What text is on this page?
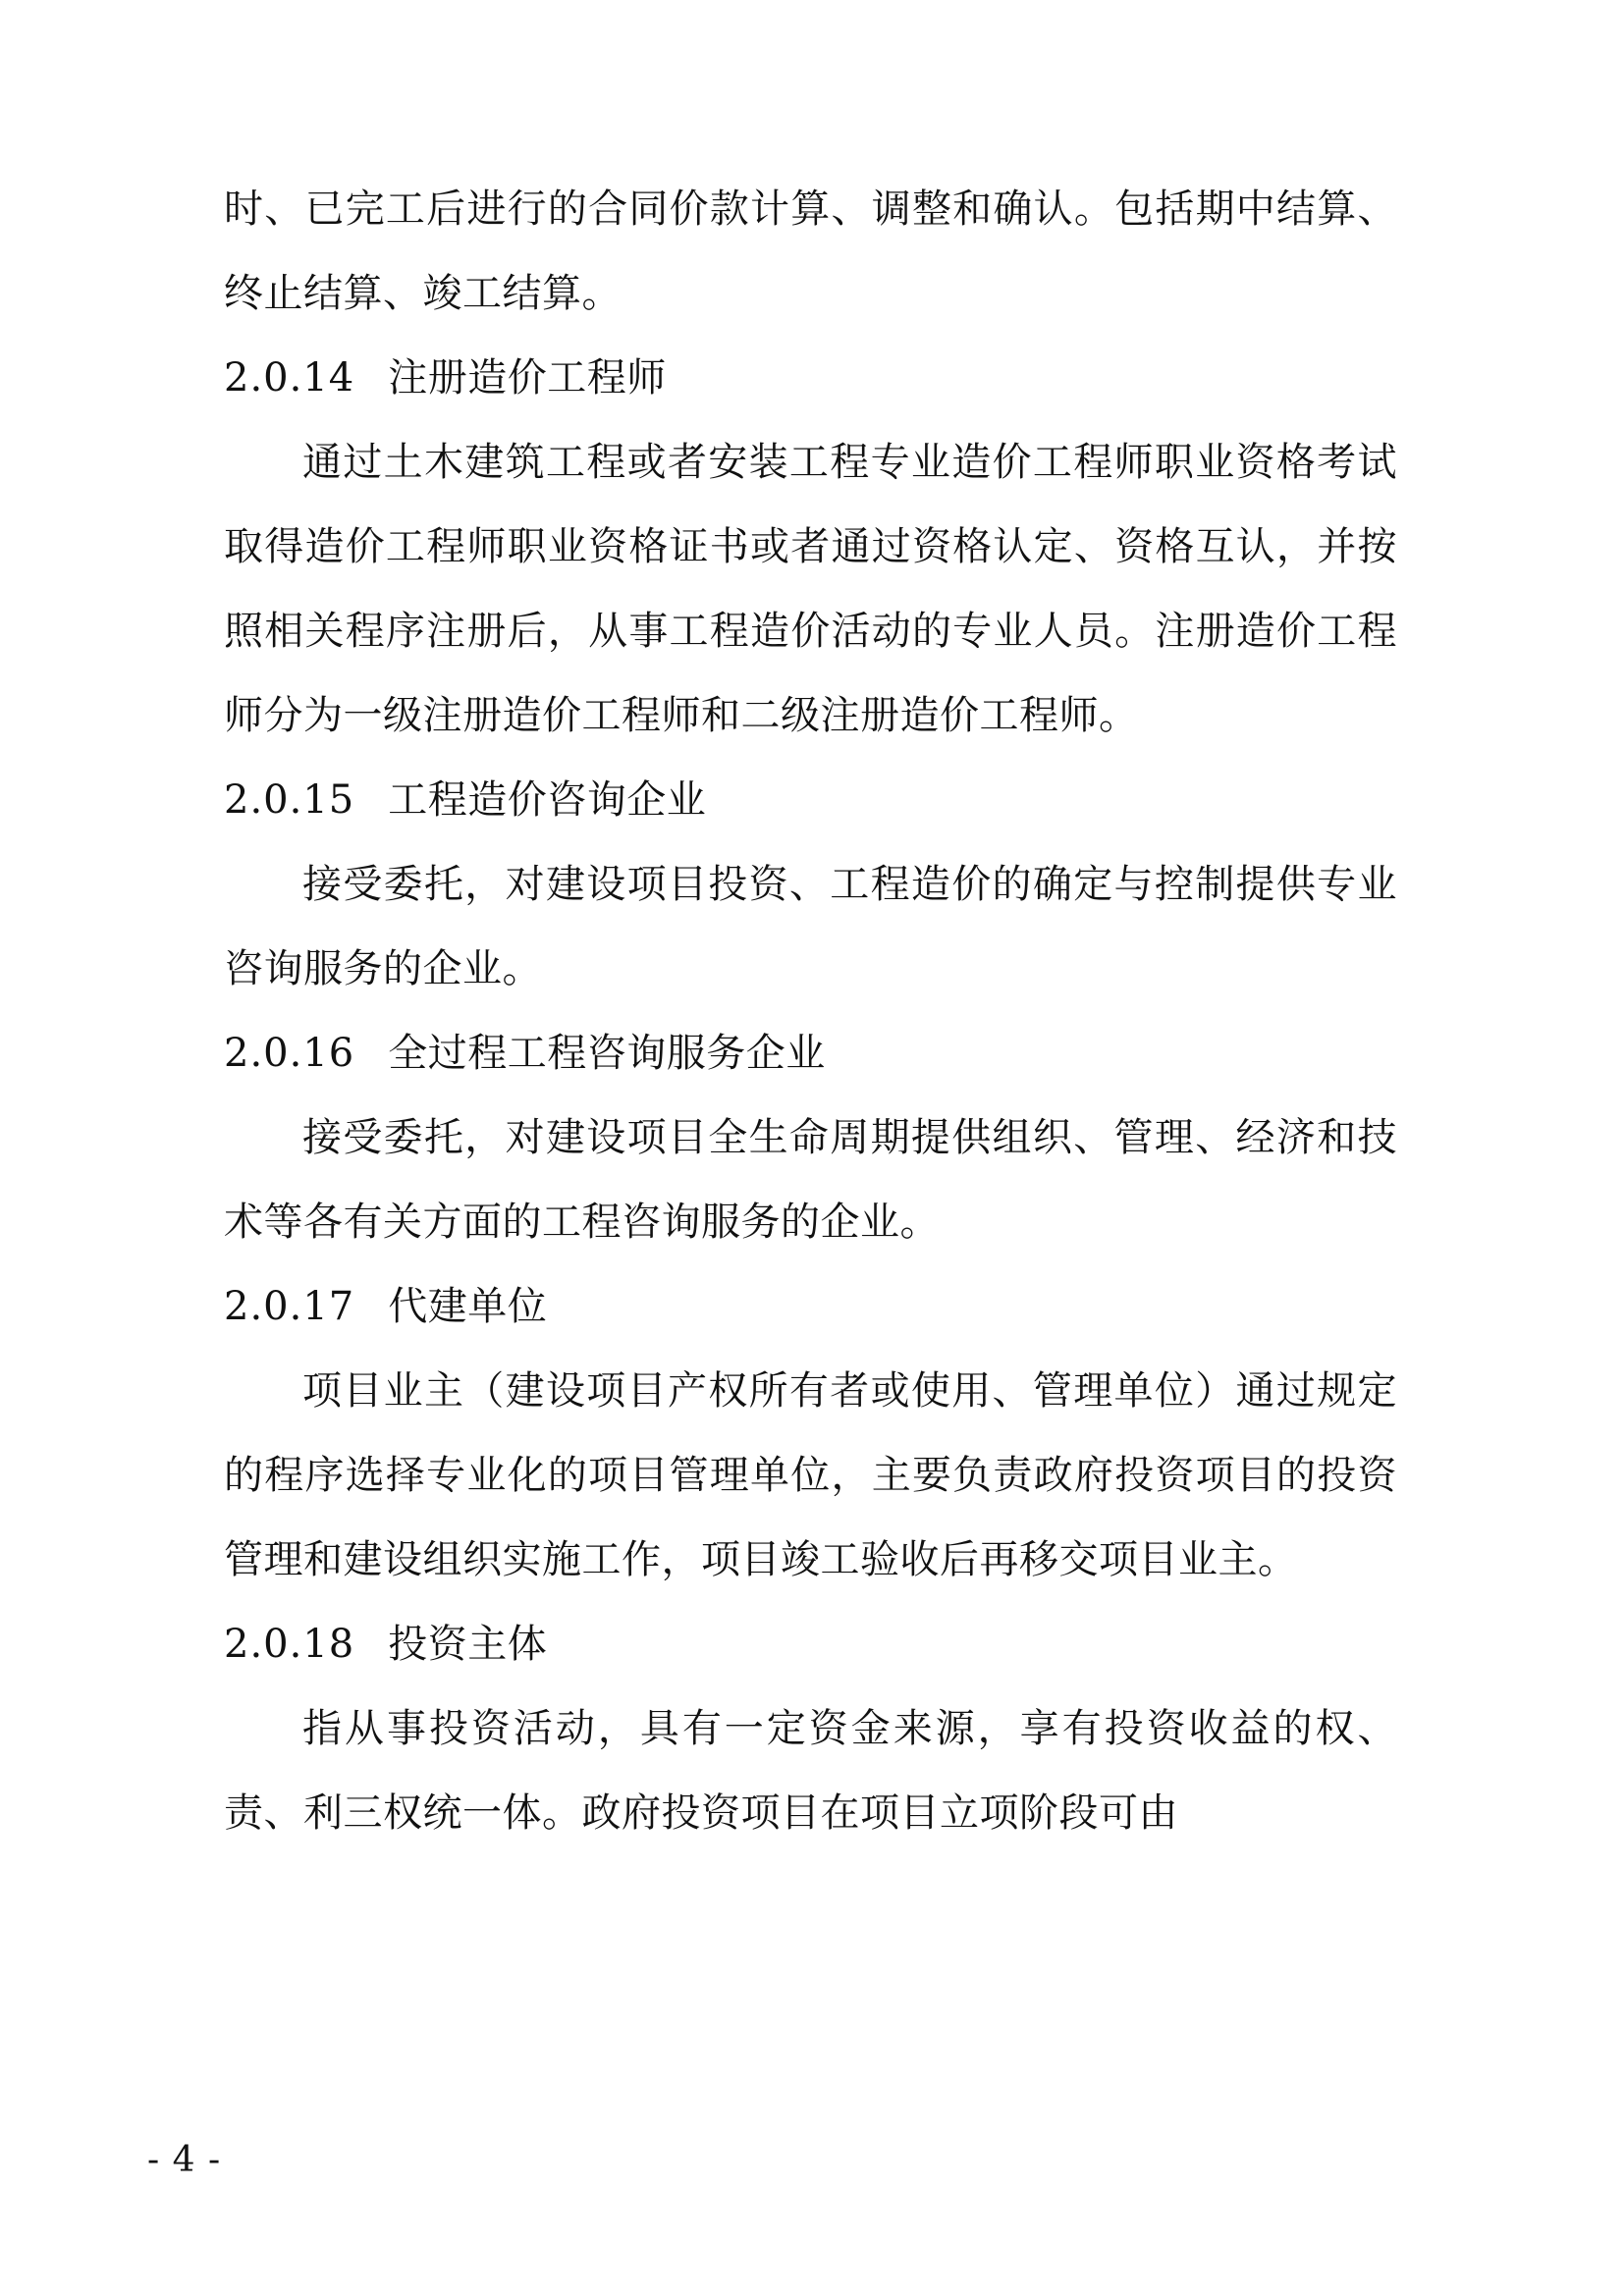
时、已完工后进行的合同价款计算、调整和确认。包括期中结算、终止结算、竣工结算。

2.0.14 注册造价工程师

通过土木建筑工程或者安装工程专业造价工程师职业资格考试取得造价工程师职业资格证书或者通过资格认定、资格互认，并按照相关程序注册后，从事工程造价活动的专业人员。注册造价工程师分为一级注册造价工程师和二级注册造价工程师。

2.0.15 工程造价咨询企业

接受委托，对建设项目投资、工程造价的确定与控制提供专业咨询服务的企业。

2.0.16 全过程工程咨询服务企业

接受委托，对建设项目全生命周期提供组织、管理、经济和技术等各有关方面的工程咨询服务的企业。

2.0.17 代建单位

项目业主（建设项目产权所有者或使用、管理单位）通过规定的程序选择专业化的项目管理单位，主要负责政府投资项目的投资管理和建设组织实施工作，项目竣工验收后再移交项目业主。

2.0.18 投资主体

指从事投资活动，具有一定资金来源，享有投资收益的权、责、利三权统一体。政府投资项目在项目立项阶段可由

- 4 -
